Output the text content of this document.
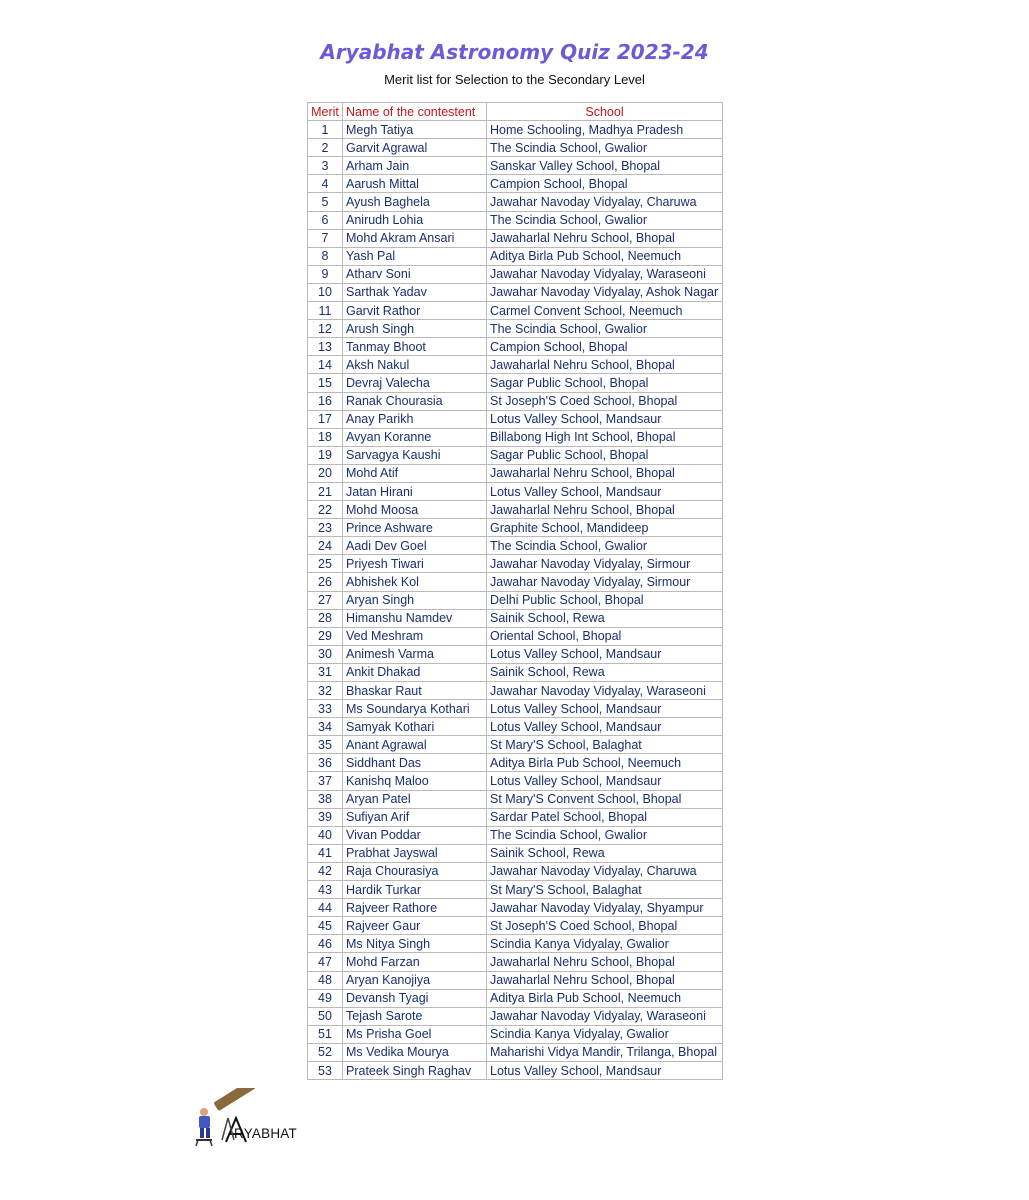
Aryabhat Astronomy Quiz 2023-24
Merit list for Selection to the Secondary Level
Merit	Name of the contestent	School
1	Megh Tatiya	Home Schooling, Madhya Pradesh
2	Garvit Agrawal	The Scindia School, Gwalior
3	Arham Jain	Sanskar Valley School, Bhopal
4	Aarush Mittal	Campion School, Bhopal
5	Ayush Baghela	Jawahar Navoday Vidyalay, Charuwa
6	Anirudh Lohia	The Scindia School, Gwalior
7	Mohd Akram Ansari	Jawaharlal Nehru School, Bhopal
8	Yash Pal	Aditya Birla Pub School, Neemuch
9	Atharv Soni	Jawahar Navoday Vidyalay, Waraseoni
10	Sarthak Yadav	Jawahar Navoday Vidyalay, Ashok Nagar
11	Garvit Rathor	Carmel Convent School, Neemuch
12	Arush Singh	The Scindia School, Gwalior
13	Tanmay Bhoot	Campion School, Bhopal
14	Aksh Nakul	Jawaharlal Nehru School, Bhopal
15	Devraj Valecha	Sagar Public School, Bhopal
16	Ranak Chourasia	St Joseph'S Coed School, Bhopal
17	Anay Parikh	Lotus Valley School, Mandsaur
18	Avyan Koranne	Billabong High Int School, Bhopal
19	Sarvagya Kaushi	Sagar Public School, Bhopal
20	Mohd Atif	Jawaharlal Nehru School, Bhopal
21	Jatan Hirani	Lotus Valley School, Mandsaur
22	Mohd Moosa	Jawaharlal Nehru School, Bhopal
23	Prince Ashware	Graphite School, Mandideep
24	Aadi Dev Goel	The Scindia School, Gwalior
25	Priyesh Tiwari	Jawahar Navoday Vidyalay, Sirmour
26	Abhishek Kol	Jawahar Navoday Vidyalay, Sirmour
27	Aryan Singh	Delhi Public School, Bhopal
28	Himanshu Namdev	Sainik School, Rewa
29	Ved Meshram	Oriental School, Bhopal
30	Animesh Varma	Lotus Valley School, Mandsaur
31	Ankit Dhakad	Sainik School, Rewa
32	Bhaskar Raut	Jawahar Navoday Vidyalay, Waraseoni
33	Ms Soundarya Kothari	Lotus Valley School, Mandsaur
34	Samyak Kothari	Lotus Valley School, Mandsaur
35	Anant Agrawal	St Mary'S School, Balaghat
36	Siddhant Das	Aditya Birla Pub School, Neemuch
37	Kanishq Maloo	Lotus Valley School, Mandsaur
38	Aryan Patel	St Mary'S Convent School, Bhopal
39	Sufiyan Arif	Sardar Patel School, Bhopal
40	Vivan Poddar	The Scindia School, Gwalior
41	Prabhat Jayswal	Sainik School, Rewa
42	Raja Chourasiya	Jawahar Navoday Vidyalay, Charuwa
43	Hardik Turkar	St Mary'S School, Balaghat
44	Rajveer Rathore	Jawahar Navoday Vidyalay, Shyampur
45	Rajveer Gaur	St Joseph'S Coed School, Bhopal
46	Ms Nitya Singh	Scindia Kanya Vidyalay, Gwalior
47	Mohd Farzan	Jawaharlal Nehru School, Bhopal
48	Aryan Kanojiya	Jawaharlal Nehru School, Bhopal
49	Devansh Tyagi	Aditya Birla Pub School, Neemuch
50	Tejash Sarote	Jawahar Navoday Vidyalay, Waraseoni
51	Ms Prisha Goel	Scindia Kanya Vidyalay, Gwalior
52	Ms Vedika Mourya	Maharishi Vidya Mandir, Trilanga, Bhopal
53	Prateek Singh Raghav	Lotus Valley School, Mandsaur
RYABHAT
